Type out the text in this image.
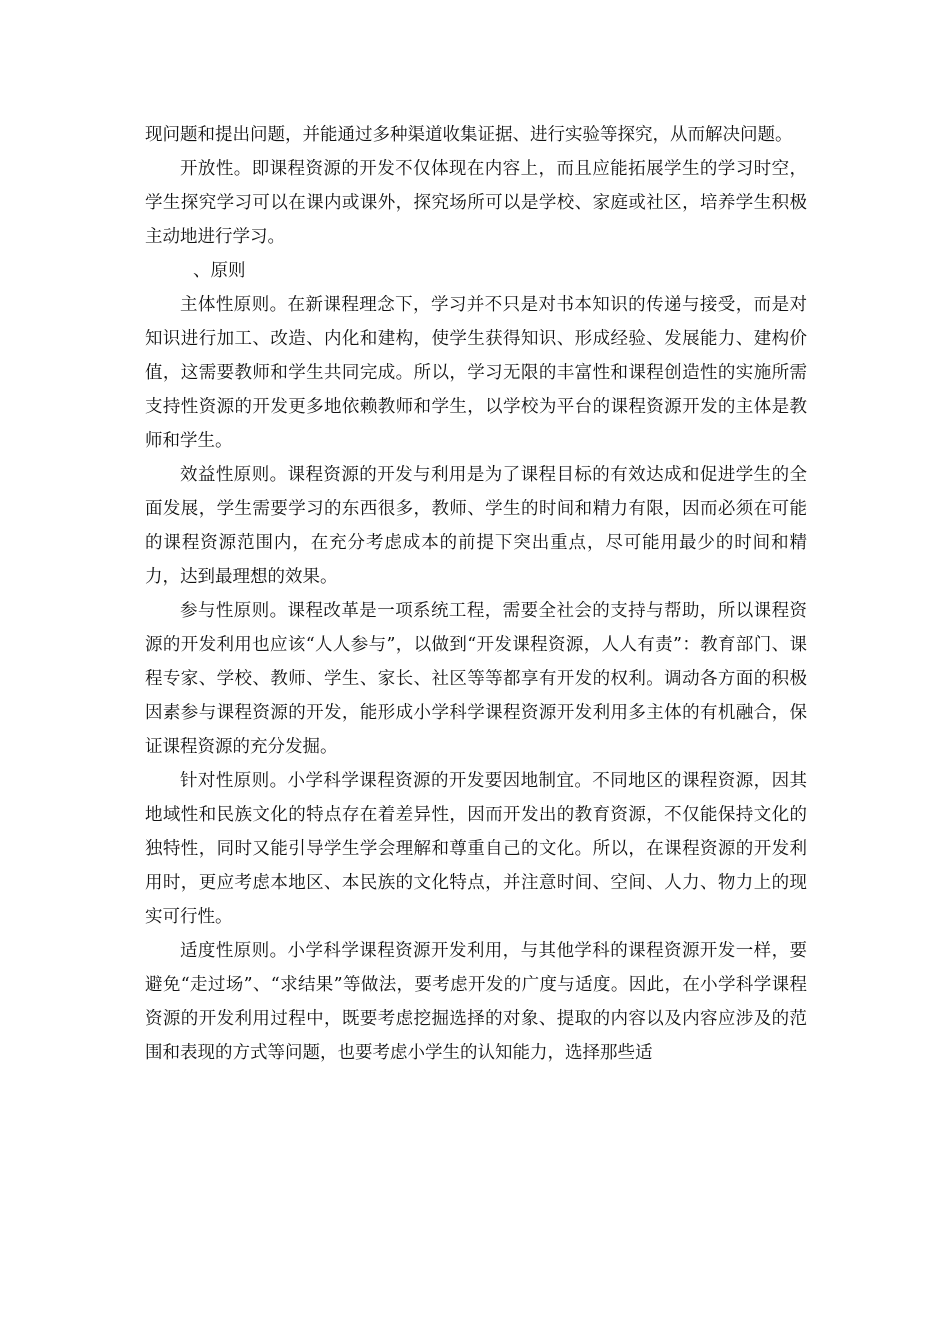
现问题和提出问题，并能通过多种渠道收集证据、进行实验等探究，从而解决问题。

开放性。即课程资源的开发不仅体现在内容上，而且应能拓展学生的学习时空，学生探究学习可以在课内或课外，探究场所可以是学校、家庭或社区，培养学生积极主动地进行学习。

、原则

主体性原则。在新课程理念下，学习并不只是对书本知识的传递与接受，而是对知识进行加工、改造、内化和建构，使学生获得知识、形成经验、发展能力、建构价值，这需要教师和学生共同完成。所以，学习无限的丰富性和课程创造性的实施所需支持性资源的开发更多地依赖教师和学生，以学校为平台的课程资源开发的主体是教师和学生。

效益性原则。课程资源的开发与利用是为了课程目标的有效达成和促进学生的全面发展，学生需要学习的东西很多，教师、学生的时间和精力有限，因而必须在可能的课程资源范围内，在充分考虑成本的前提下突出重点，尽可能用最少的时间和精力，达到最理想的效果。

参与性原则。课程改革是一项系统工程，需要全社会的支持与帮助，所以课程资源的开发利用也应该“人人参与”，以做到“开发课程资源，人人有责”：教育部门、课程专家、学校、教师、学生、家长、社区等等都享有开发的权利。调动各方面的积极因素参与课程资源的开发，能形成小学科学课程资源开发利用多主体的有机融合，保证课程资源的充分发掘。

针对性原则。小学科学课程资源的开发要因地制宜。不同地区的课程资源，因其地域性和民族文化的特点存在着差异性，因而开发出的教育资源，不仅能保持文化的独特性，同时又能引导学生学会理解和尊重自己的文化。所以，在课程资源的开发利用时，更应考虑本地区、本民族的文化特点，并注意时间、空间、人力、物力上的现实可行性。

适度性原则。小学科学课程资源开发利用，与其他学科的课程资源开发一样，要避免“走过场”、“求结果”等做法，要考虑开发的广度与适度。因此，在小学科学课程资源的开发利用过程中，既要考虑挖掘选择的对象、提取的内容以及内容应涉及的范围和表现的方式等问题，也要考虑小学生的认知能力，选择那些适
